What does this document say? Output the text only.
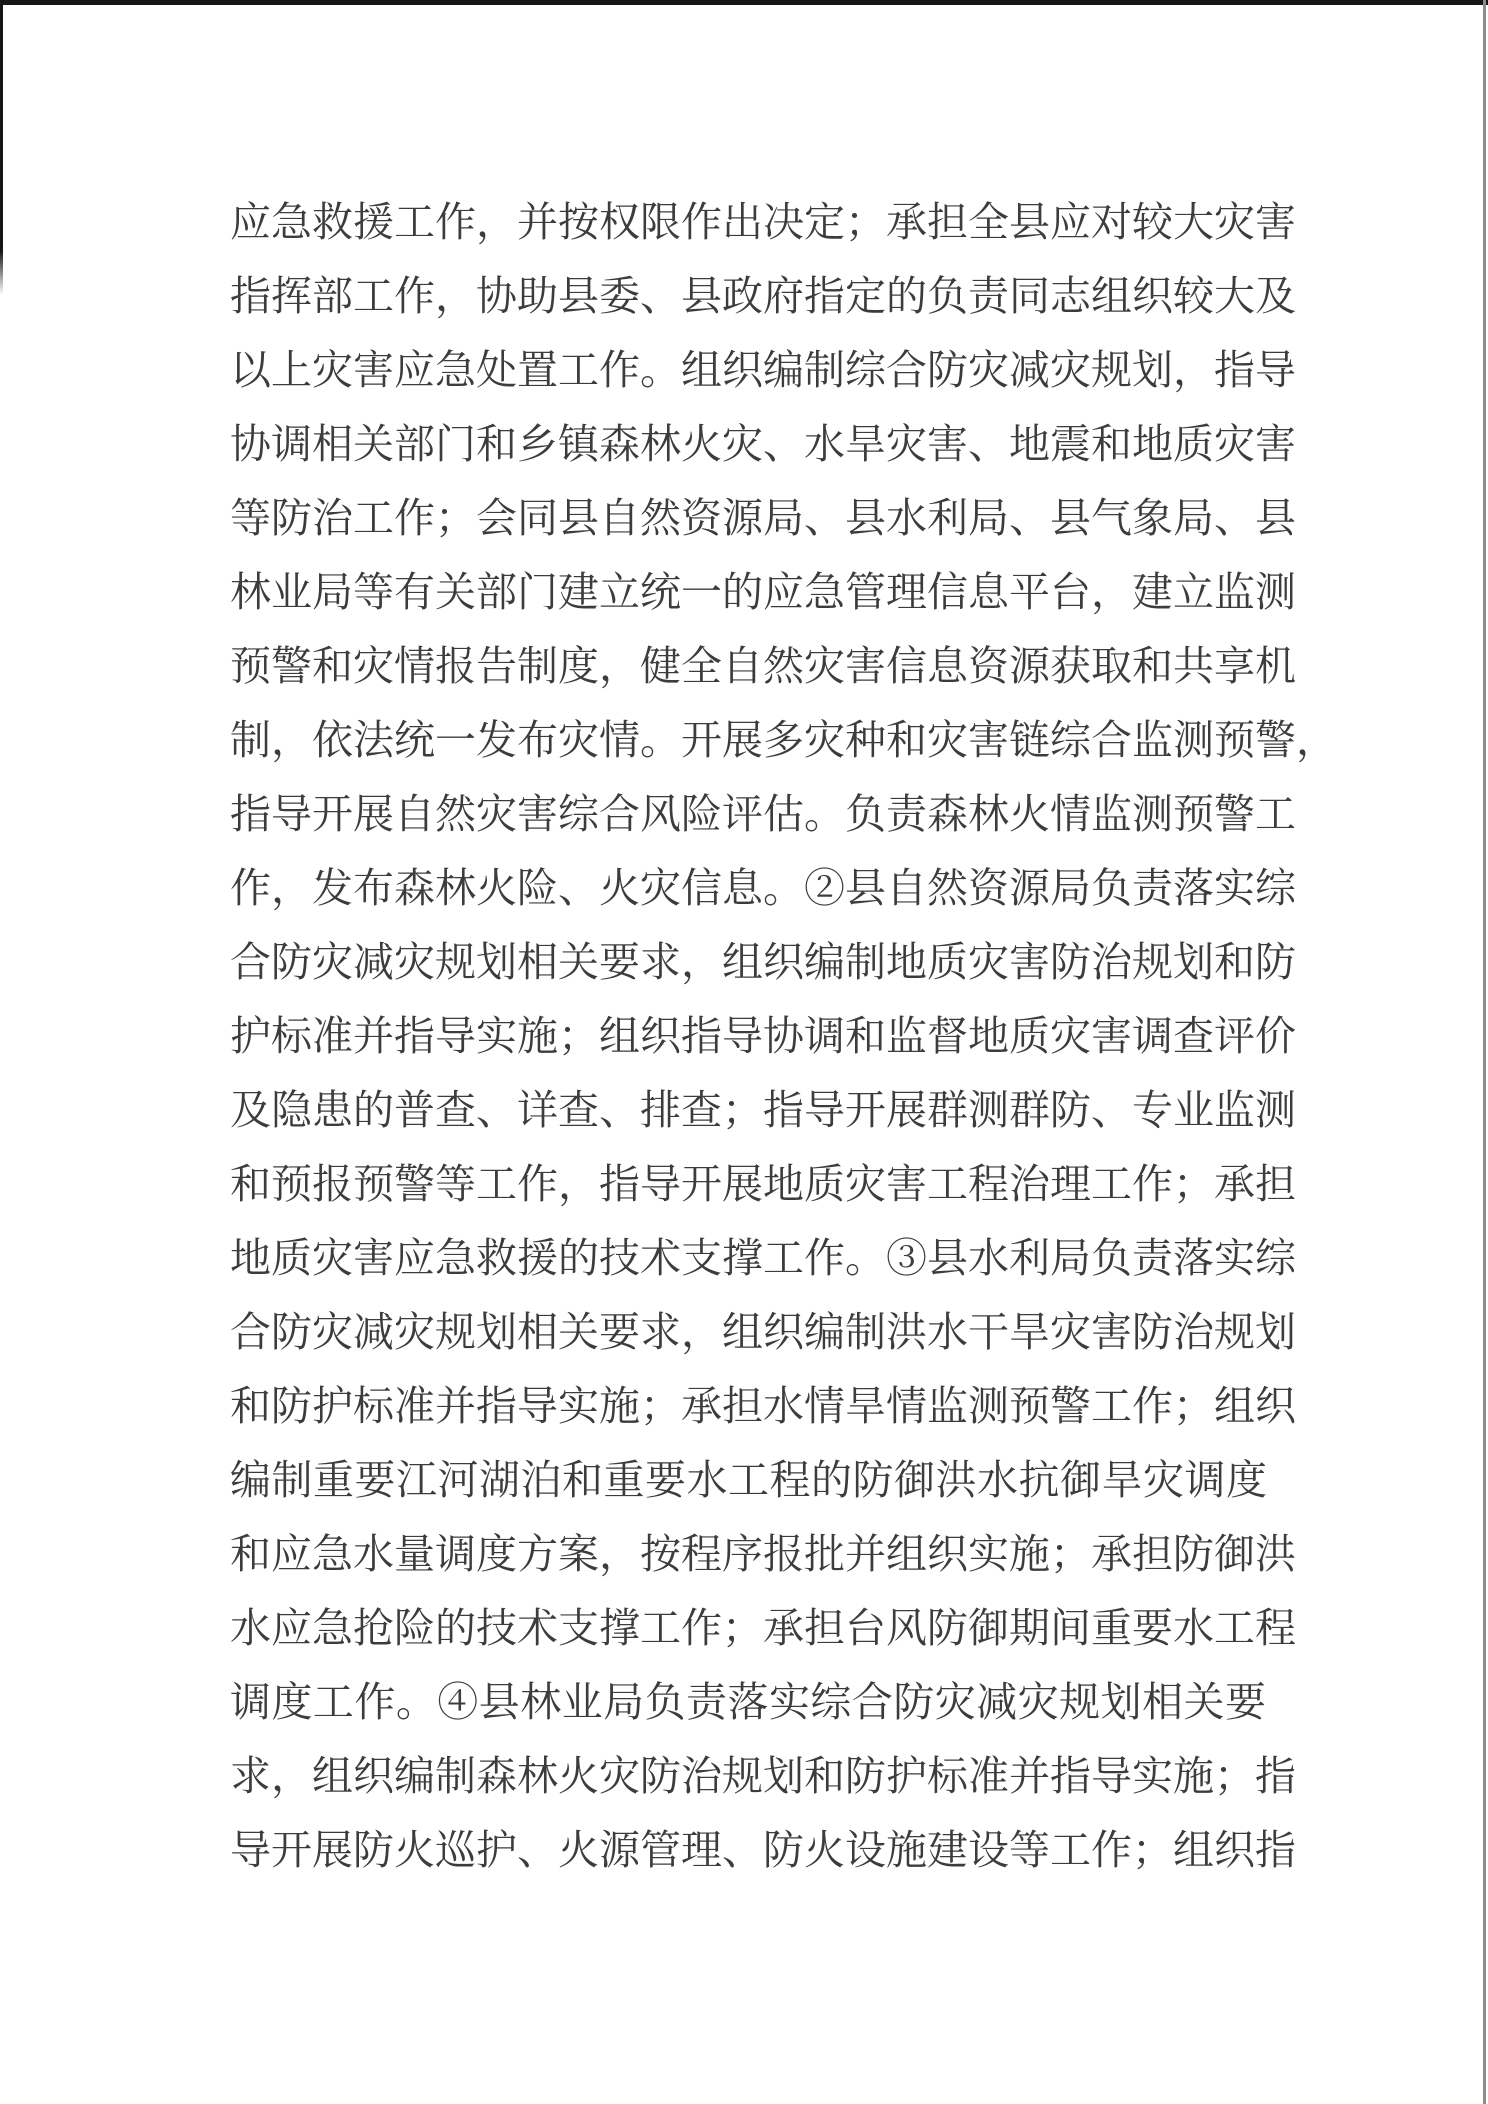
应急救援工作，并按权限作出决定；承担全县应对较大灾害
指挥部工作，协助县委、县政府指定的负责同志组织较大及
以上灾害应急处置工作。组织编制综合防灾减灾规划，指导
协调相关部门和乡镇森林火灾、水旱灾害、地震和地质灾害
等防治工作；会同县自然资源局、县水利局、县气象局、县
林业局等有关部门建立统一的应急管理信息平台，建立监测
预警和灾情报告制度，健全自然灾害信息资源获取和共享机
制，依法统一发布灾情。开展多灾种和灾害链综合监测预警，
指导开展自然灾害综合风险评估。负责森林火情监测预警工
作，发布森林火险、火灾信息。②县自然资源局负责落实综
合防灾减灾规划相关要求，组织编制地质灾害防治规划和防
护标准并指导实施；组织指导协调和监督地质灾害调查评价
及隐患的普查、详查、排查；指导开展群测群防、专业监测
和预报预警等工作，指导开展地质灾害工程治理工作；承担
地质灾害应急救援的技术支撑工作。③县水利局负责落实综
合防灾减灾规划相关要求，组织编制洪水干旱灾害防治规划
和防护标准并指导实施；承担水情旱情监测预警工作；组织
编制重要江河湖泊和重要水工程的防御洪水抗御旱灾调度
和应急水量调度方案，按程序报批并组织实施；承担防御洪
水应急抢险的技术支撑工作；承担台风防御期间重要水工程
调度工作。④县林业局负责落实综合防灾减灾规划相关要
求，组织编制森林火灾防治规划和防护标准并指导实施；指
导开展防火巡护、火源管理、防火设施建设等工作；组织指
